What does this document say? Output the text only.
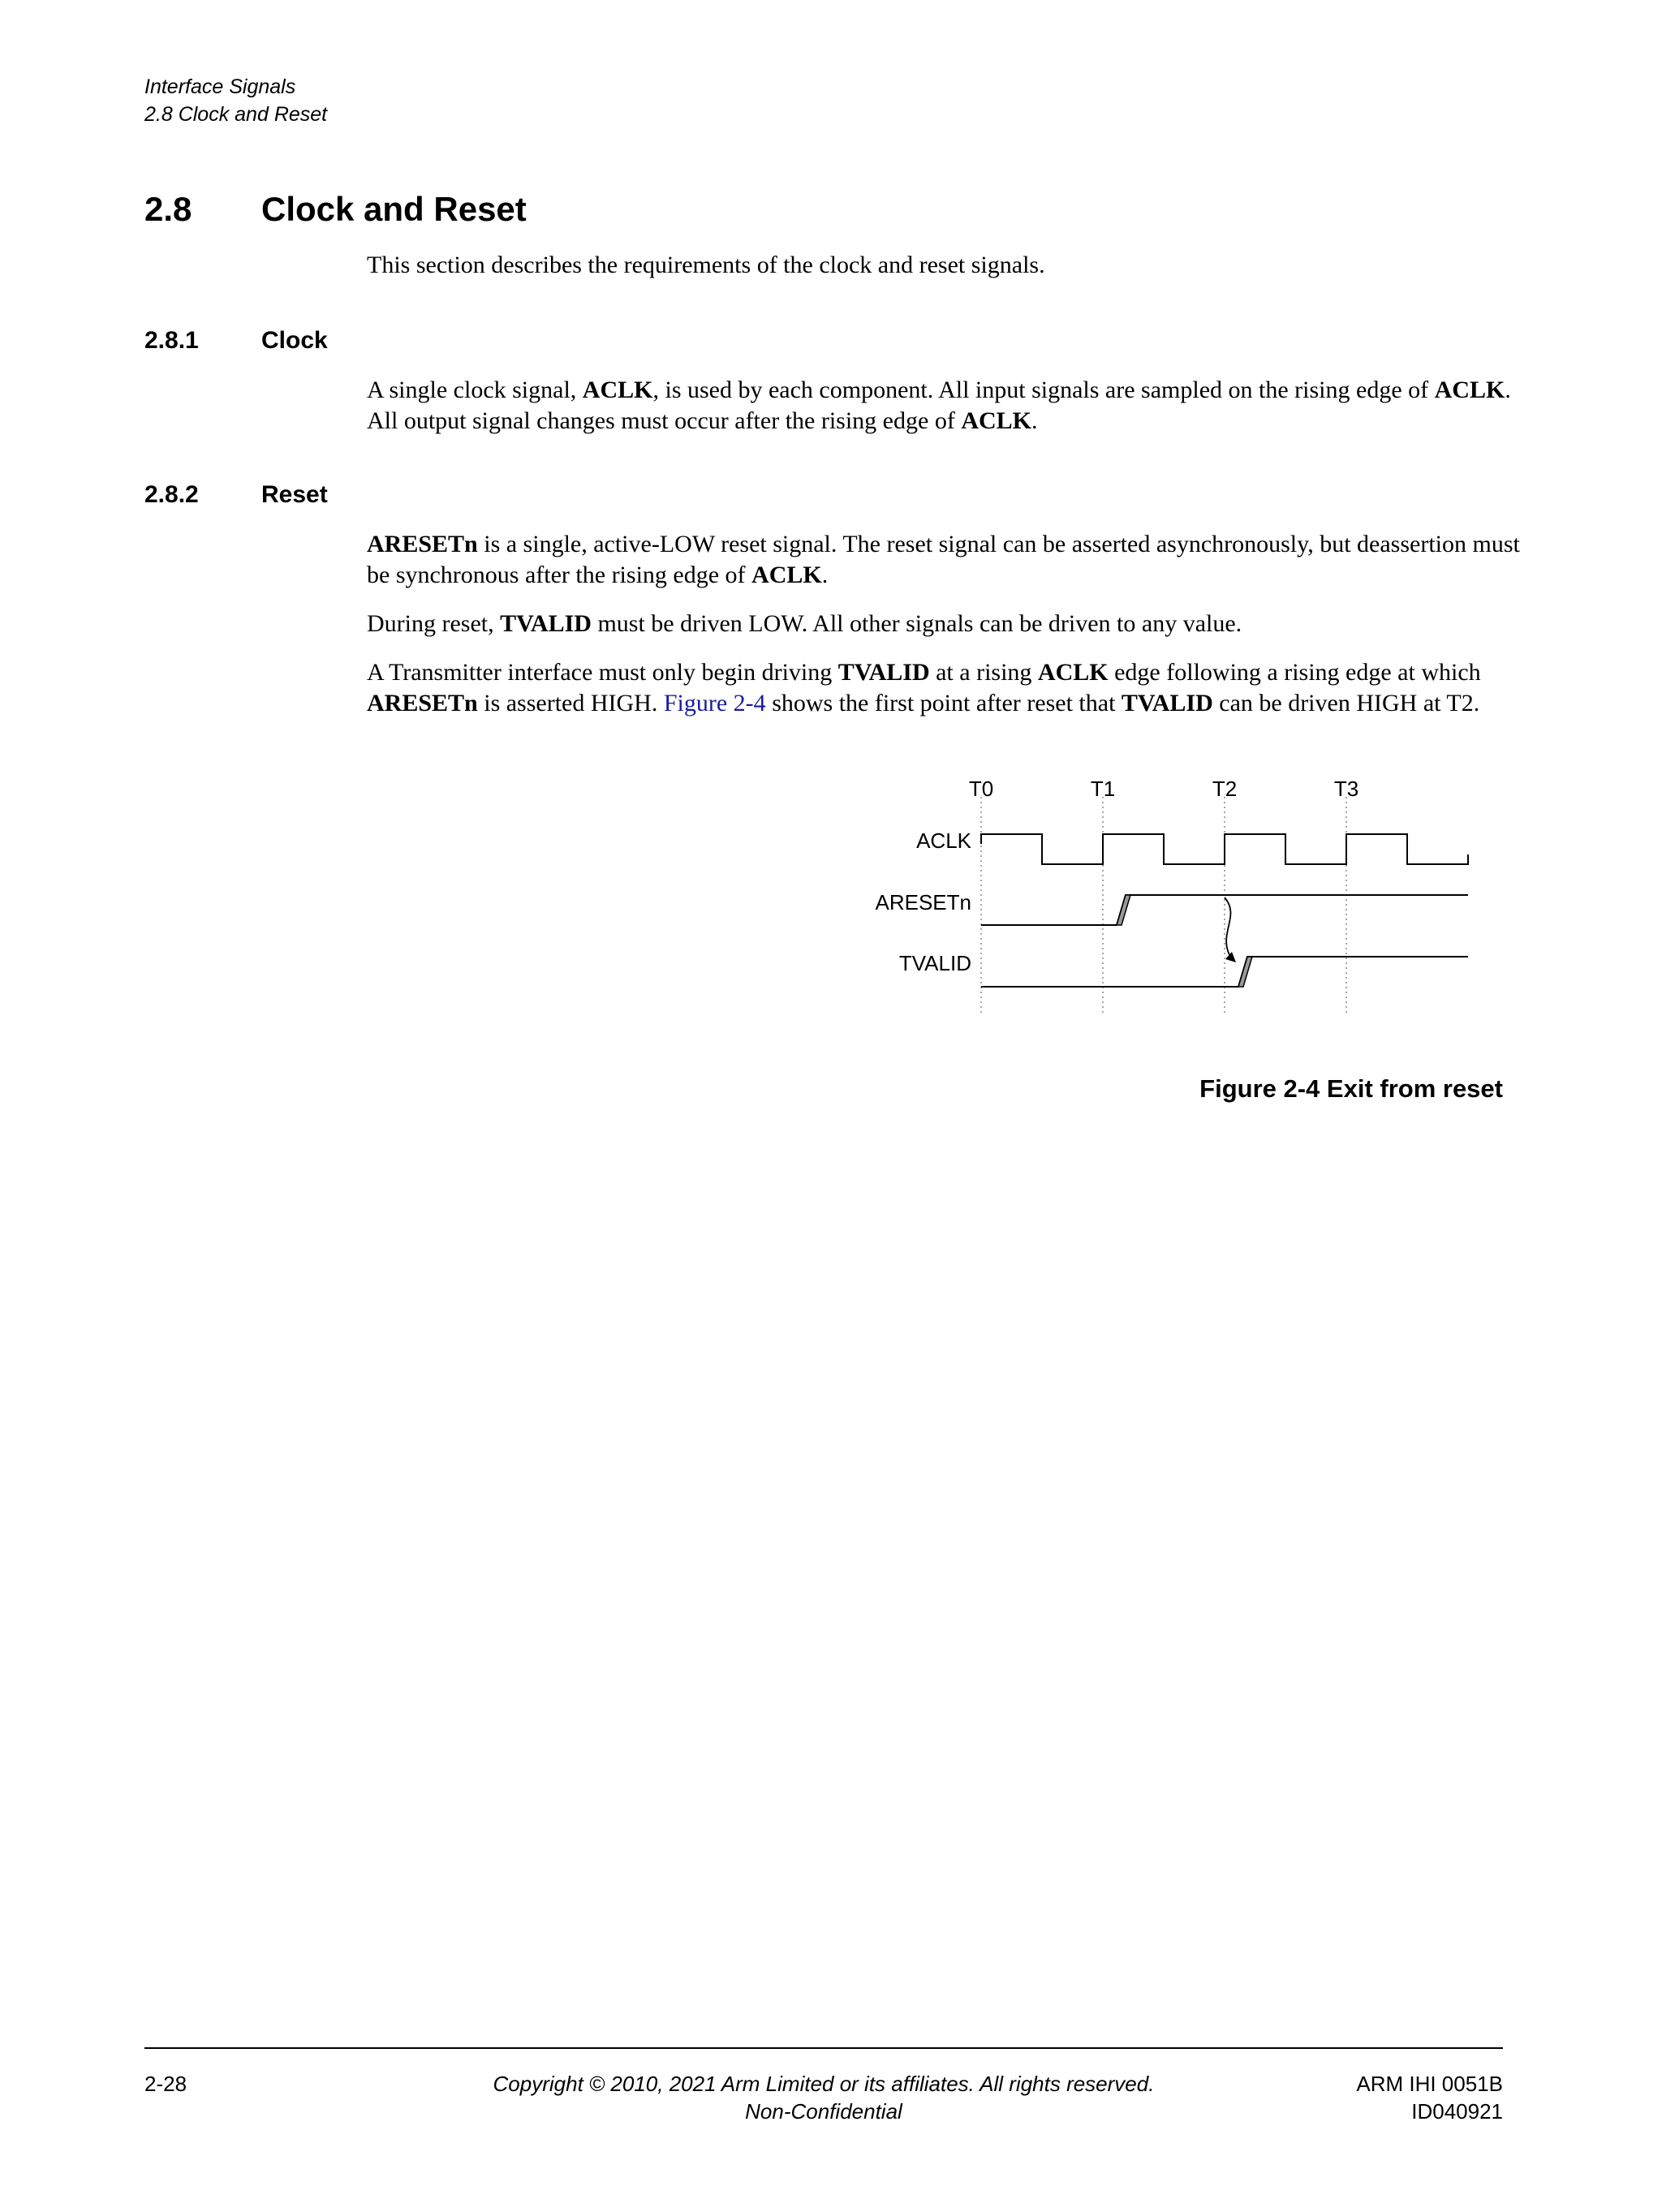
Interface Signals
2.8 Clock and Reset
2.8 Clock and Reset
This section describes the requirements of the clock and reset signals.
2.8.1	Clock
A single clock signal, ACLK, is used by each component. All input signals are sampled on the rising edge of ACLK. All output signal changes must occur after the rising edge of ACLK.
2.8.2	Reset
ARESETn is a single, active-LOW reset signal. The reset signal can be asserted asynchronously, but deassertion must be synchronous after the rising edge of ACLK.
During reset, TVALID must be driven LOW. All other signals can be driven to any value.
A Transmitter interface must only begin driving TVALID at a rising ACLK edge following a rising edge at which ARESETn is asserted HIGH. Figure 2-4 shows the first point after reset that TVALID can be driven HIGH at T2.
T0	T1	T2	T3
ACLK
ARESETn
TVALID
Figure 2-4 Exit from reset
2-28	Copyright © 2010, 2021 Arm Limited or its affiliates. All rights reserved.
Non-Confidential
ARM IHI 0051B
ID040921
